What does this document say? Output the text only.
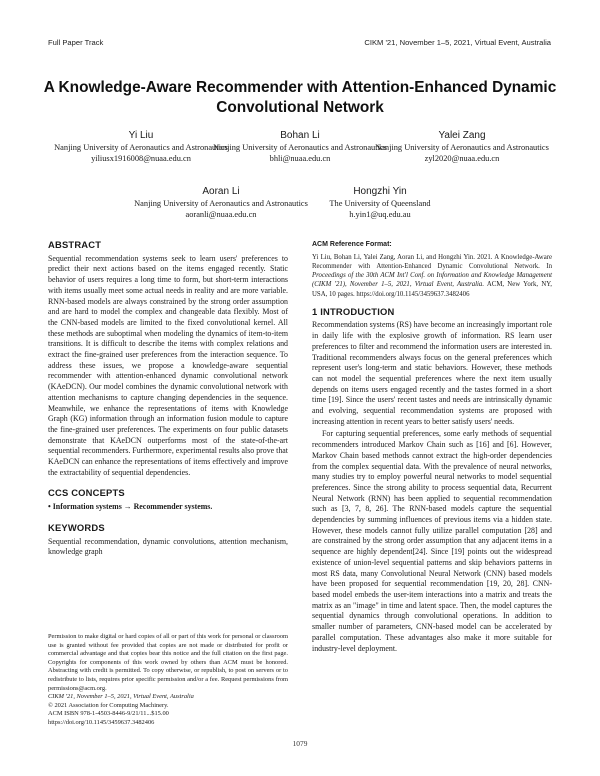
Full Paper Track	CIKM '21, November 1–5, 2021, Virtual Event, Australia
A Knowledge-Aware Recommender with Attention-Enhanced Dynamic Convolutional Network
Yi Liu
Nanjing University of Aeronautics and Astronautics
yiliusx1916008@nuaa.edu.cn
Bohan Li
Nanjing University of Aeronautics and Astronautics
bhli@nuaa.edu.cn
Yalei Zang
Nanjing University of Aeronautics and Astronautics
zyl2020@nuaa.edu.cn
Aoran Li
Nanjing University of Aeronautics and Astronautics
aoranli@nuaa.edu.cn
Hongzhi Yin
The University of Queensland
h.yin1@uq.edu.au
ABSTRACT

Sequential recommendation systems seek to learn users' preferences to predict their next actions based on the items engaged recently. Static behavior of users requires a long time to form, but short-term interactions with items usually meet some actual needs in reality and are more variable. RNN-based models are always constrained by the strong order assumption and are hard to model the complex and changeable data flexibly. Most of the CNN-based models are limited to the fixed convolutional kernel. All these methods are suboptimal when modeling the dynamics of item-to-item transitions. It is difficult to describe the items with complex relations and extract the fine-grained user preferences from the interaction sequence. To address these issues, we propose a knowledge-aware sequential recommender with attention-enhanced dynamic convolutional network (KAeDCN). Our model combines the dynamic convolutional network with attention mechanisms to capture changing dependencies in the sequence. Meanwhile, we enhance the representations of items with Knowledge Graph (KG) information through an information fusion module to capture the fine-grained user preferences. The experiments on four public datasets demonstrate that KAeDCN outperforms most of the state-of-the-art sequential recommenders. Furthermore, experimental results also prove that KAeDCN can enhance the representations of items effectively and improve the extractability of sequential dependencies.

CCS CONCEPTS

• Information systems → Recommender systems.

KEYWORDS

Sequential recommendation, dynamic convolutions, attention mechanism, knowledge graph

Permission to make digital or hard copies of all or part of this work for personal or classroom use is granted without fee provided that copies are not made or distributed for profit or commercial advantage and that copies bear this notice and the full citation on the first page. Copyrights for components of this work owned by others than ACM must be honored. Abstracting with credit is permitted. To copy otherwise, or republish, to post on servers or to redistribute to lists, requires prior specific permission and/or a fee. Request permissions from permissions@acm.org.

CIKM '21, November 1–5, 2021, Virtual Event, Australia

© 2021 Association for Computing Machinery.

ACM ISBN 978-1-4503-8446-9/21/11...$15.00

https://doi.org/10.1145/3459637.3482406

ACM Reference Format:

Yi Liu, Bohan Li, Yalei Zang, Aoran Li, and Hongzhi Yin. 2021. A Knowledge-Aware Recommender with Attention-Enhanced Dynamic Convolutional Network. In Proceedings of the 30th ACM Int'l Conf. on Information and Knowledge Management (CIKM '21), November 1–5, 2021, Virtual Event, Australia. ACM, New York, NY, USA, 10 pages. https://doi.org/10.1145/3459637.3482406

1 INTRODUCTION

Recommendation systems (RS) have become an increasingly important role in daily life with the explosive growth of information. RS learn user preferences to filter and recommend the information users are interested in. Traditional recommenders always focus on the general preferences which represent user's long-term and static behaviors. However, these methods can not model the sequential preferences where the next item usually depends on items users engaged recently and the tastes formed in a short time [19]. Since the users' recent tastes and needs are intrinsically dynamic and evolving, sequential recommendation systems are proposed with increasing attention in recent years to better satisfy users' needs.

For capturing sequential preferences, some early methods of sequential recommenders introduced Markov Chain such as [16] and [6]. However, Markov Chain based methods cannot extract the high-order dependencies from the complex sequential data. With the prevalence of neural networks, many studies try to employ powerful neural networks to model sequential preferences. Since the strong ability to process sequential data, Recurrent Neural Network (RNN) has been applied to sequential recommendation such as [3, 7, 8, 26]. The RNN-based models capture the sequential dependencies by summing influences of previous items via a hidden state. However, these models cannot fully utilize parallel computation [28] and are constrained by the strong order assumption that any adjacent items in a sequence are highly dependent[24]. Since [19] points out the widespread existence of union-level sequential patterns and skip behaviors patterns in most RS data, many Convolutional Neural Network (CNN) based models have been proposed for sequential recommendation [19, 20, 28]. CNN-based model embeds the user-item interactions into a matrix and treats the matrix as an "image" in time and latent space. Then, the model captures the sequential dynamics through convolutional operations. In addition to smaller number of parameters, CNN-based model can be accelerated by parallel computation. These advantages also make it more suitable for industry-level deployment.

1079
